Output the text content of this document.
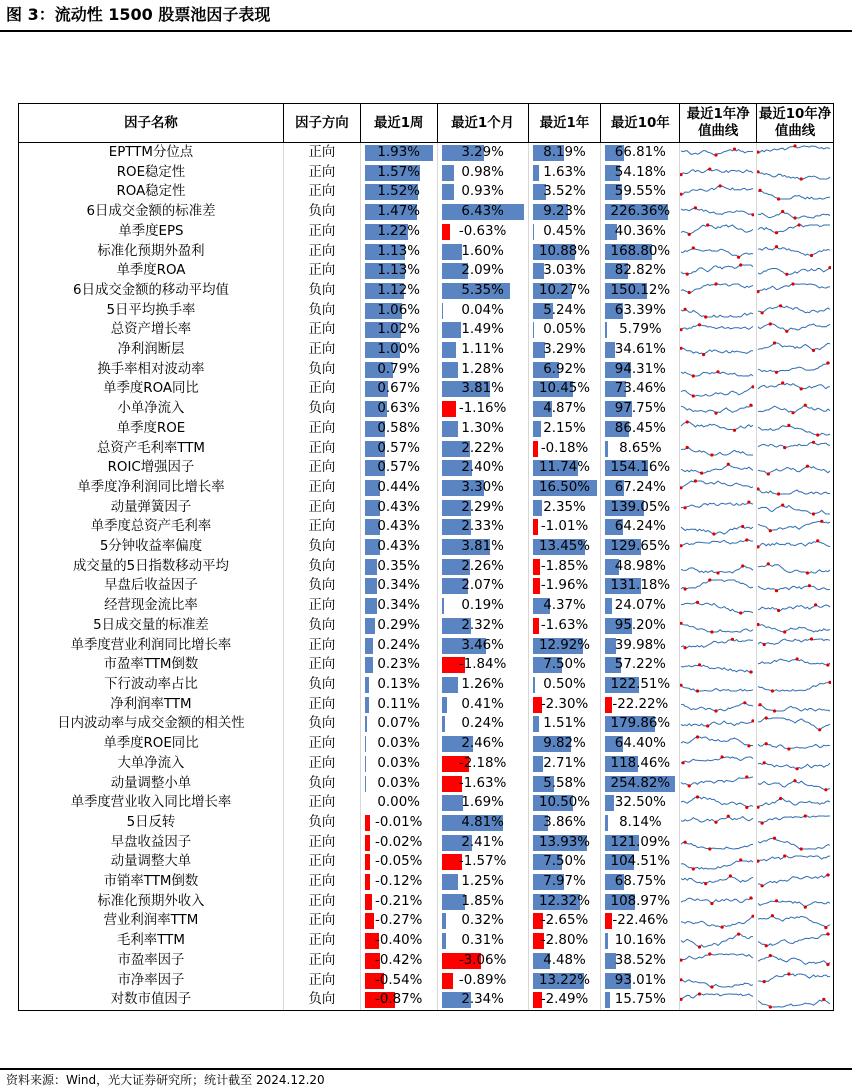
图 3：流动性 1500 股票池因子表现
因子名称	因子方向	最近1周	最近1个月	最近1年	最近10年	最近1年净值曲线	最近10年净值曲线
EPTTM分位点	正向	1.93%	3.29%	8.19%	66.81%

ROE稳定性	正向	1.57%	0.98%	1.63%	54.18%

ROA稳定性	正向	1.52%	0.93%	3.52%	59.55%

6日成交金额的标准差	负向	1.47%	6.43%	9.23%	226.36%

单季度EPS	正向	1.22%	-0.63%	0.45%	40.36%

标准化预期外盈利	正向	1.13%	1.60%	10.88%	168.80%

单季度ROA	正向	1.13%	2.09%	3.03%	82.82%

6日成交金额的移动平均值	负向	1.12%	5.35%	10.27%	150.12%

5日平均换手率	负向	1.06%	0.04%	5.24%	63.39%

总资产增长率	正向	1.02%	1.49%	0.05%	5.79%

净利润断层	正向	1.00%	1.11%	3.29%	34.61%

换手率相对波动率	负向	0.79%	1.28%	6.92%	94.31%

单季度ROA同比	正向	0.67%	3.81%	10.45%	73.46%

小单净流入	负向	0.63%	-1.16%	4.87%	97.75%

单季度ROE	正向	0.58%	1.30%	2.15%	86.45%

总资产毛利率TTM	正向	0.57%	2.22%	-0.18%	8.65%

ROIC增强因子	正向	0.57%	2.40%	11.74%	154.16%

单季度净利润同比增长率	正向	0.44%	3.30%	16.50%	67.24%

动量弹簧因子	正向	0.43%	2.29%	2.35%	139.05%

单季度总资产毛利率	正向	0.43%	2.33%	-1.01%	64.24%

5分钟收益率偏度	负向	0.43%	3.81%	13.45%	129.65%

成交量的5日指数移动平均	负向	0.35%	2.26%	-1.85%	48.98%

早盘后收益因子	负向	0.34%	2.07%	-1.96%	131.18%

经营现金流比率	正向	0.34%	0.19%	4.37%	24.07%

5日成交量的标准差	负向	0.29%	2.32%	-1.63%	95.20%

单季度营业利润同比增长率	正向	0.24%	3.46%	12.92%	39.98%

市盈率TTM倒数	正向	0.23%	-1.84%	7.50%	57.22%

下行波动率占比	负向	0.13%	1.26%	0.50%	122.51%

净利润率TTM	正向	0.11%	0.41%	-2.30%	-22.22%

日内波动率与成交金额的相关性	负向	0.07%	0.24%	1.51%	179.86%

单季度ROE同比	正向	0.03%	2.46%	9.82%	64.40%

大单净流入	正向	0.03%	-2.18%	2.71%	118.46%

动量调整小单	负向	0.03%	-1.63%	5.58%	254.82%

单季度营业收入同比增长率	正向	0.00%	1.69%	10.50%	32.50%

5日反转	负向	-0.01%	4.81%	3.86%	8.14%

早盘收益因子	正向	-0.02%	2.41%	13.93%	121.09%

动量调整大单	正向	-0.05%	-1.57%	7.50%	104.51%

市销率TTM倒数	正向	-0.12%	1.25%	7.97%	68.75%

标准化预期外收入	正向	-0.21%	1.85%	12.32%	108.97%

营业利润率TTM	正向	-0.27%	0.32%	-2.65%	-22.46%

毛利率TTM	正向	-0.40%	0.31%	-2.80%	10.16%

市盈率因子	正向	-0.42%	-3.06%	4.48%	38.52%

市净率因子	正向	-0.54%	-0.89%	13.22%	93.01%

对数市值因子	负向	-0.87%	2.34%	-2.49%	15.75%

资料来源：Wind，光大证券研究所；统计截至 2024.12.20
